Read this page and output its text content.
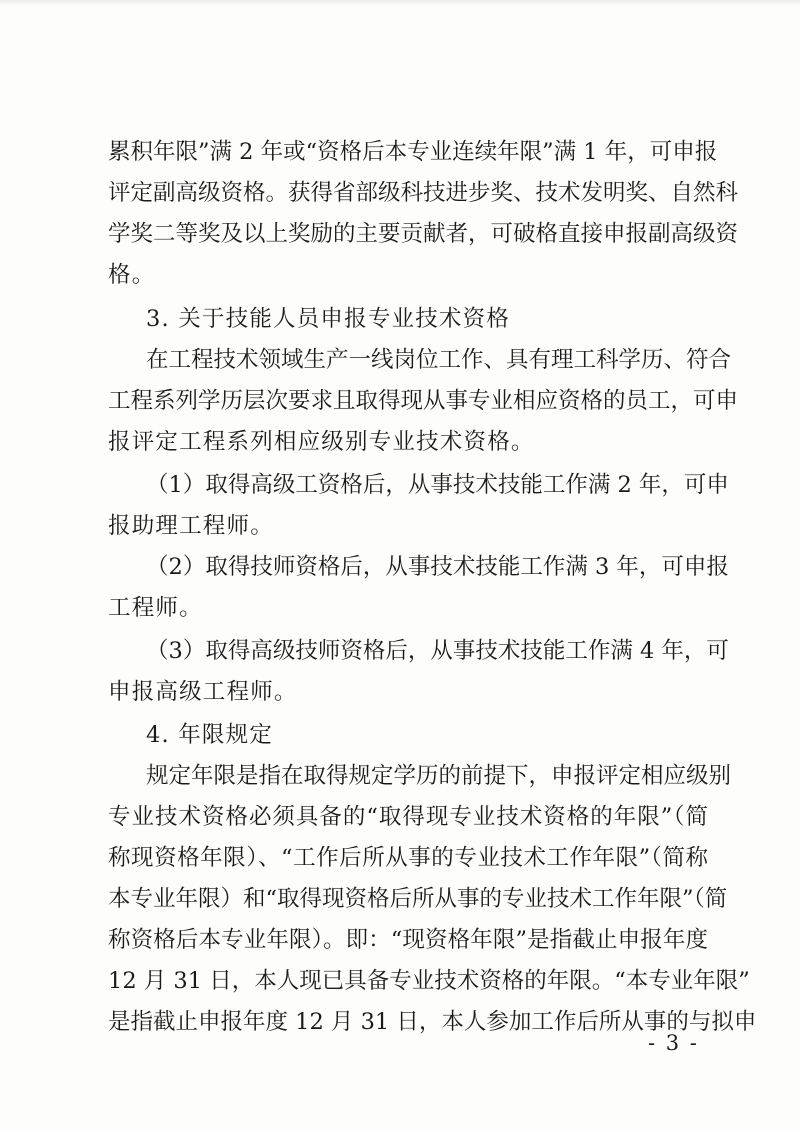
累积年限”满 2 年或“资格后本专业连续年限”满 1 年，可申报
评定副高级资格。获得省部级科技进步奖、技术发明奖、自然科
学奖二等奖及以上奖励的主要贡献者，可破格直接申报副高级资
格。
3. 关于技能人员申报专业技术资格
在工程技术领域生产一线岗位工作、具有理工科学历、符合
工程系列学历层次要求且取得现从事专业相应资格的员工，可申
报评定工程系列相应级别专业技术资格。
（1）取得高级工资格后，从事技术技能工作满 2 年，可申
报助理工程师。
（2）取得技师资格后，从事技术技能工作满 3 年，可申报
工程师。
（3）取得高级技师资格后，从事技术技能工作满 4 年，可
申报高级工程师。
4. 年限规定
规定年限是指在取得规定学历的前提下，申报评定相应级别
专业技术资格必须具备的“取得现专业技术资格的年限”（简
称现资格年限）、“工作后所从事的专业技术工作年限”（简称
本专业年限）和“取得现资格后所从事的专业技术工作年限”（简
称资格后本专业年限）。即：“现资格年限”是指截止申报年度
12 月 31 日，本人现已具备专业技术资格的年限。“本专业年限”
是指截止申报年度 12 月 31 日，本人参加工作后所从事的与拟申
- 3 -
